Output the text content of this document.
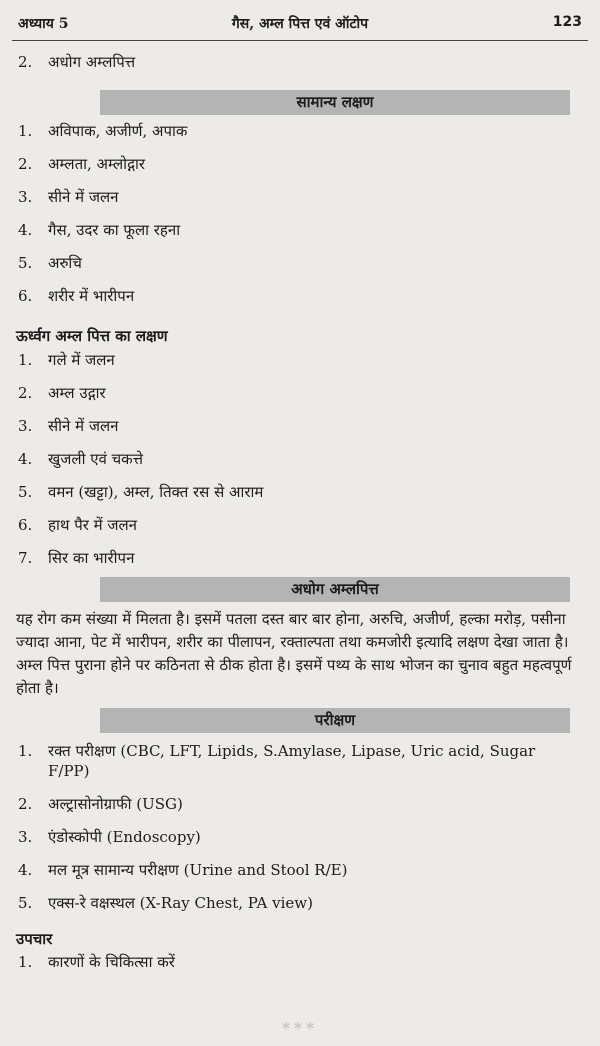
अध्याय 5	गैस, अम्ल पित्त एवं ऑटोप	123
2.	अधोग अम्लपित्त
सामान्य लक्षण
1.	अविपाक, अजीर्ण, अपाक
2.	अम्लता, अम्लोद्गार
3.	सीने में जलन
4.	गैस, उदर का फूला रहना
5.	अरुचि
6.	शरीर में भारीपन
ऊर्ध्वग अम्ल पित्त का लक्षण
1.	गले में जलन
2.	अम्ल उद्गार
3.	सीने में जलन
4.	खुजली एवं चकत्ते
5.	वमन (खट्टा), अम्ल, तिक्त रस से आराम
6.	हाथ पैर में जलन
7.	सिर का भारीपन
अधोग अम्लपित्त
यह रोग कम संख्या में मिलता है। इसमें पतला दस्त बार बार होना, अरुचि, अजीर्ण, हल्का मरोड़, पसीना ज्यादा आना, पेट में भारीपन, शरीर का पीलापन, रक्ताल्पता तथा कमजोरी इत्यादि लक्षण देखा जाता है। अम्ल पित्त पुराना होने पर कठिनता से ठीक होता है। इसमें पथ्य के साथ भोजन का चुनाव बहुत महत्वपूर्ण होता है।
परीक्षण
1.	रक्त परीक्षण (CBC, LFT, Lipids, S.Amylase, Lipase, Uric acid, Sugar F/PP)
2.	अल्ट्रासोनोग्राफी (USG)
3.	एंडोस्कोपी (Endoscopy)
4.	मल मूत्र सामान्य परीक्षण (Urine and Stool R/E)
5.	एक्स-रे वक्षस्थल (X-Ray Chest, PA view)
उपचार
1.	कारणों के चिकित्सा करें
***
